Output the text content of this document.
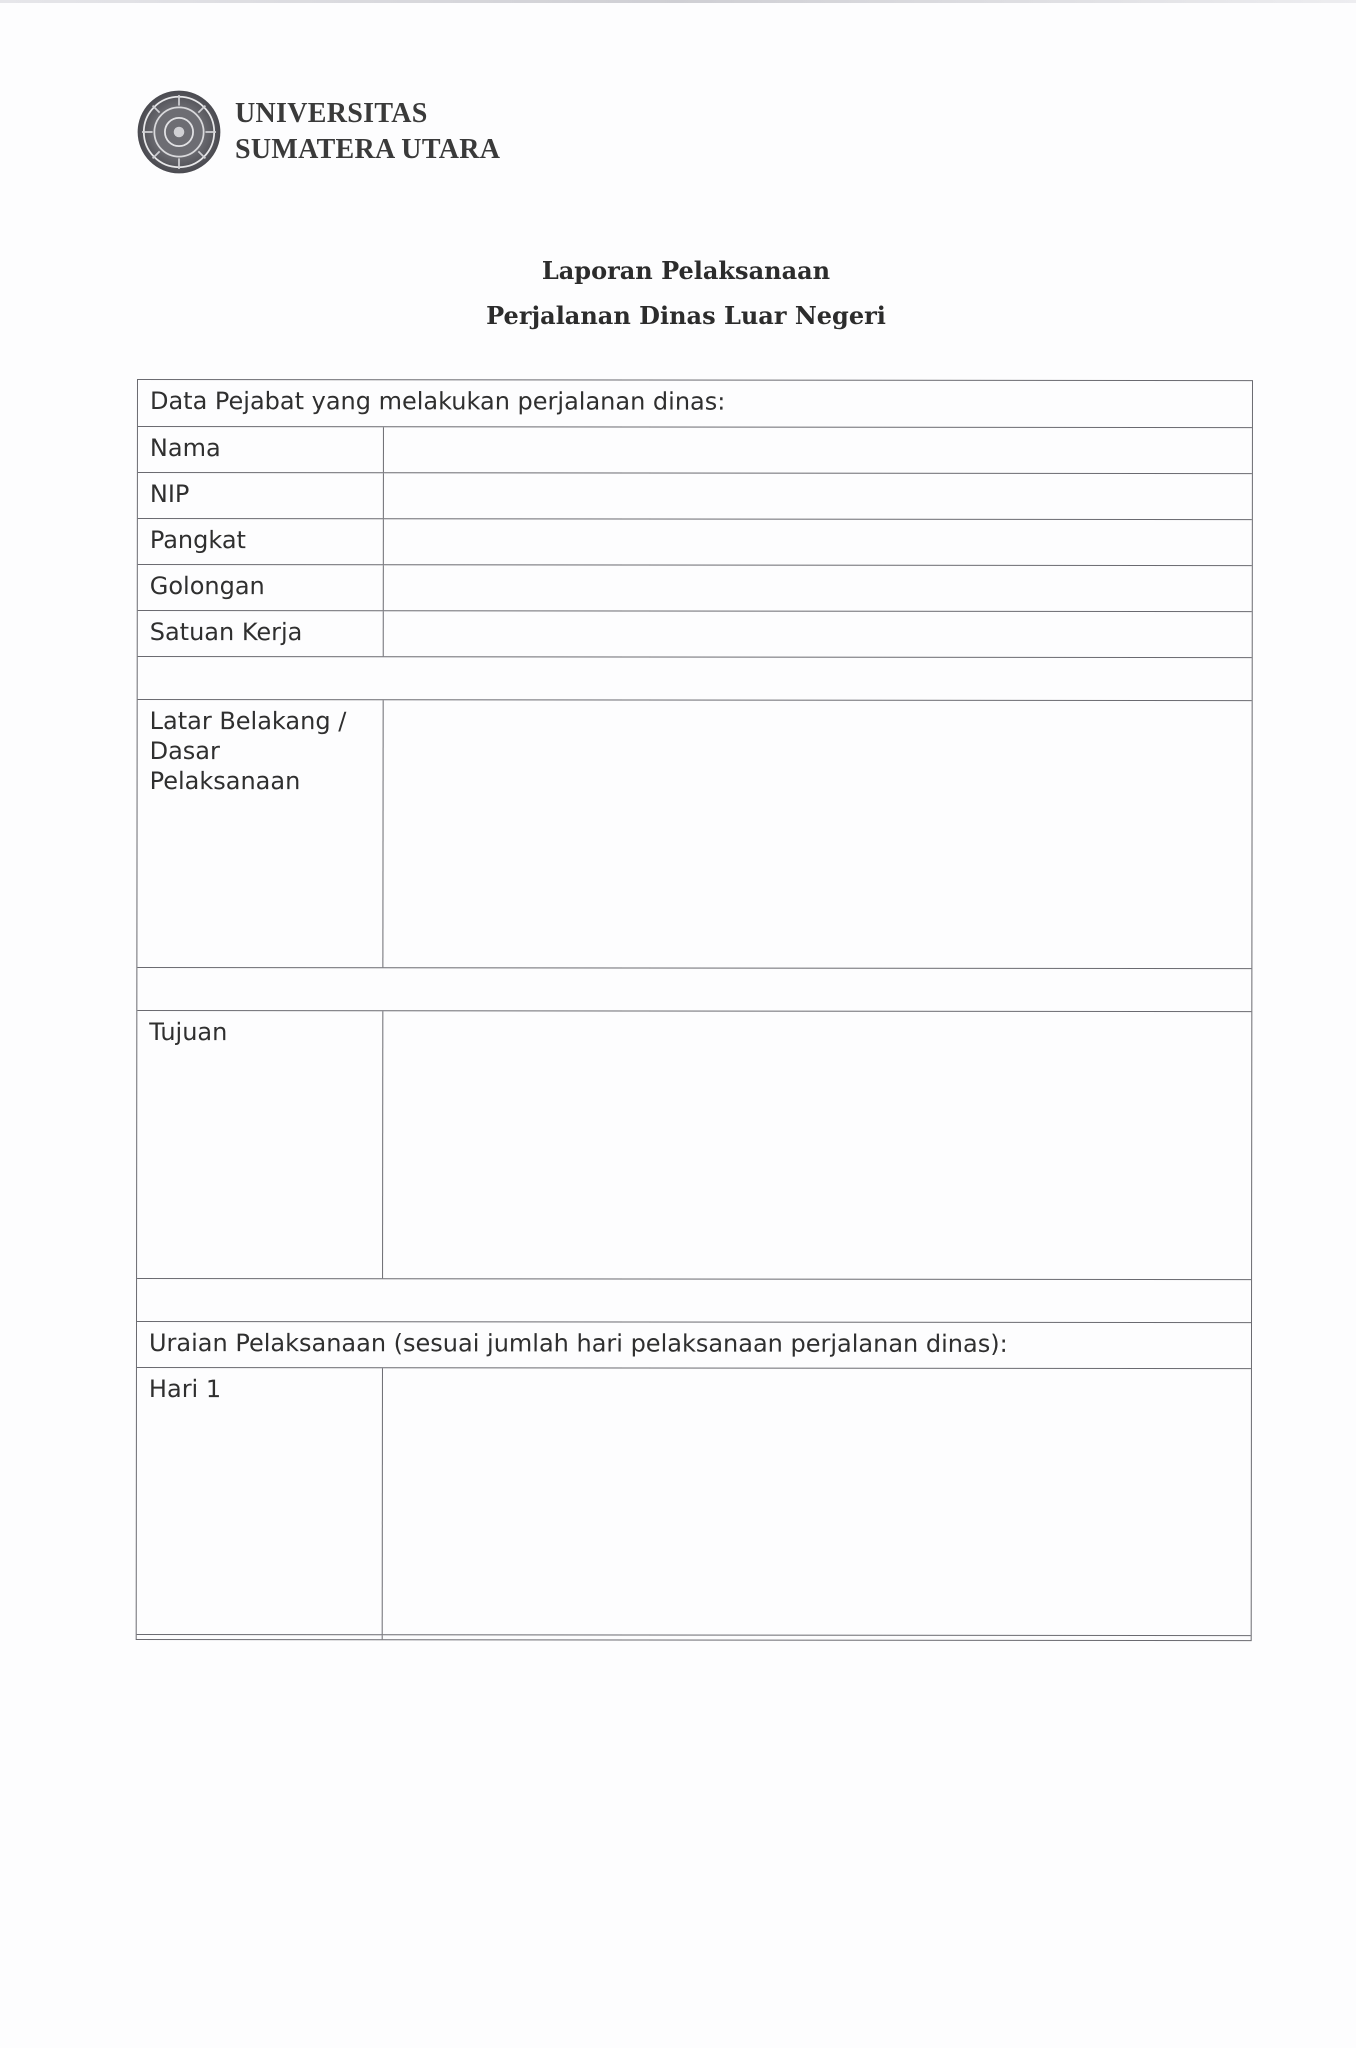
UNIVERSITAS
SUMATERA UTARA
Laporan Pelaksanaan
Perjalanan Dinas Luar Negeri
Data Pejabat yang melakukan perjalanan dinas:
Nama
NIP
Pangkat
Golongan
Satuan Kerja
Latar Belakang /
Dasar Pelaksanaan
Tujuan
Uraian Pelaksanaan (sesuai jumlah hari pelaksanaan perjalanan dinas):
Hari 1
